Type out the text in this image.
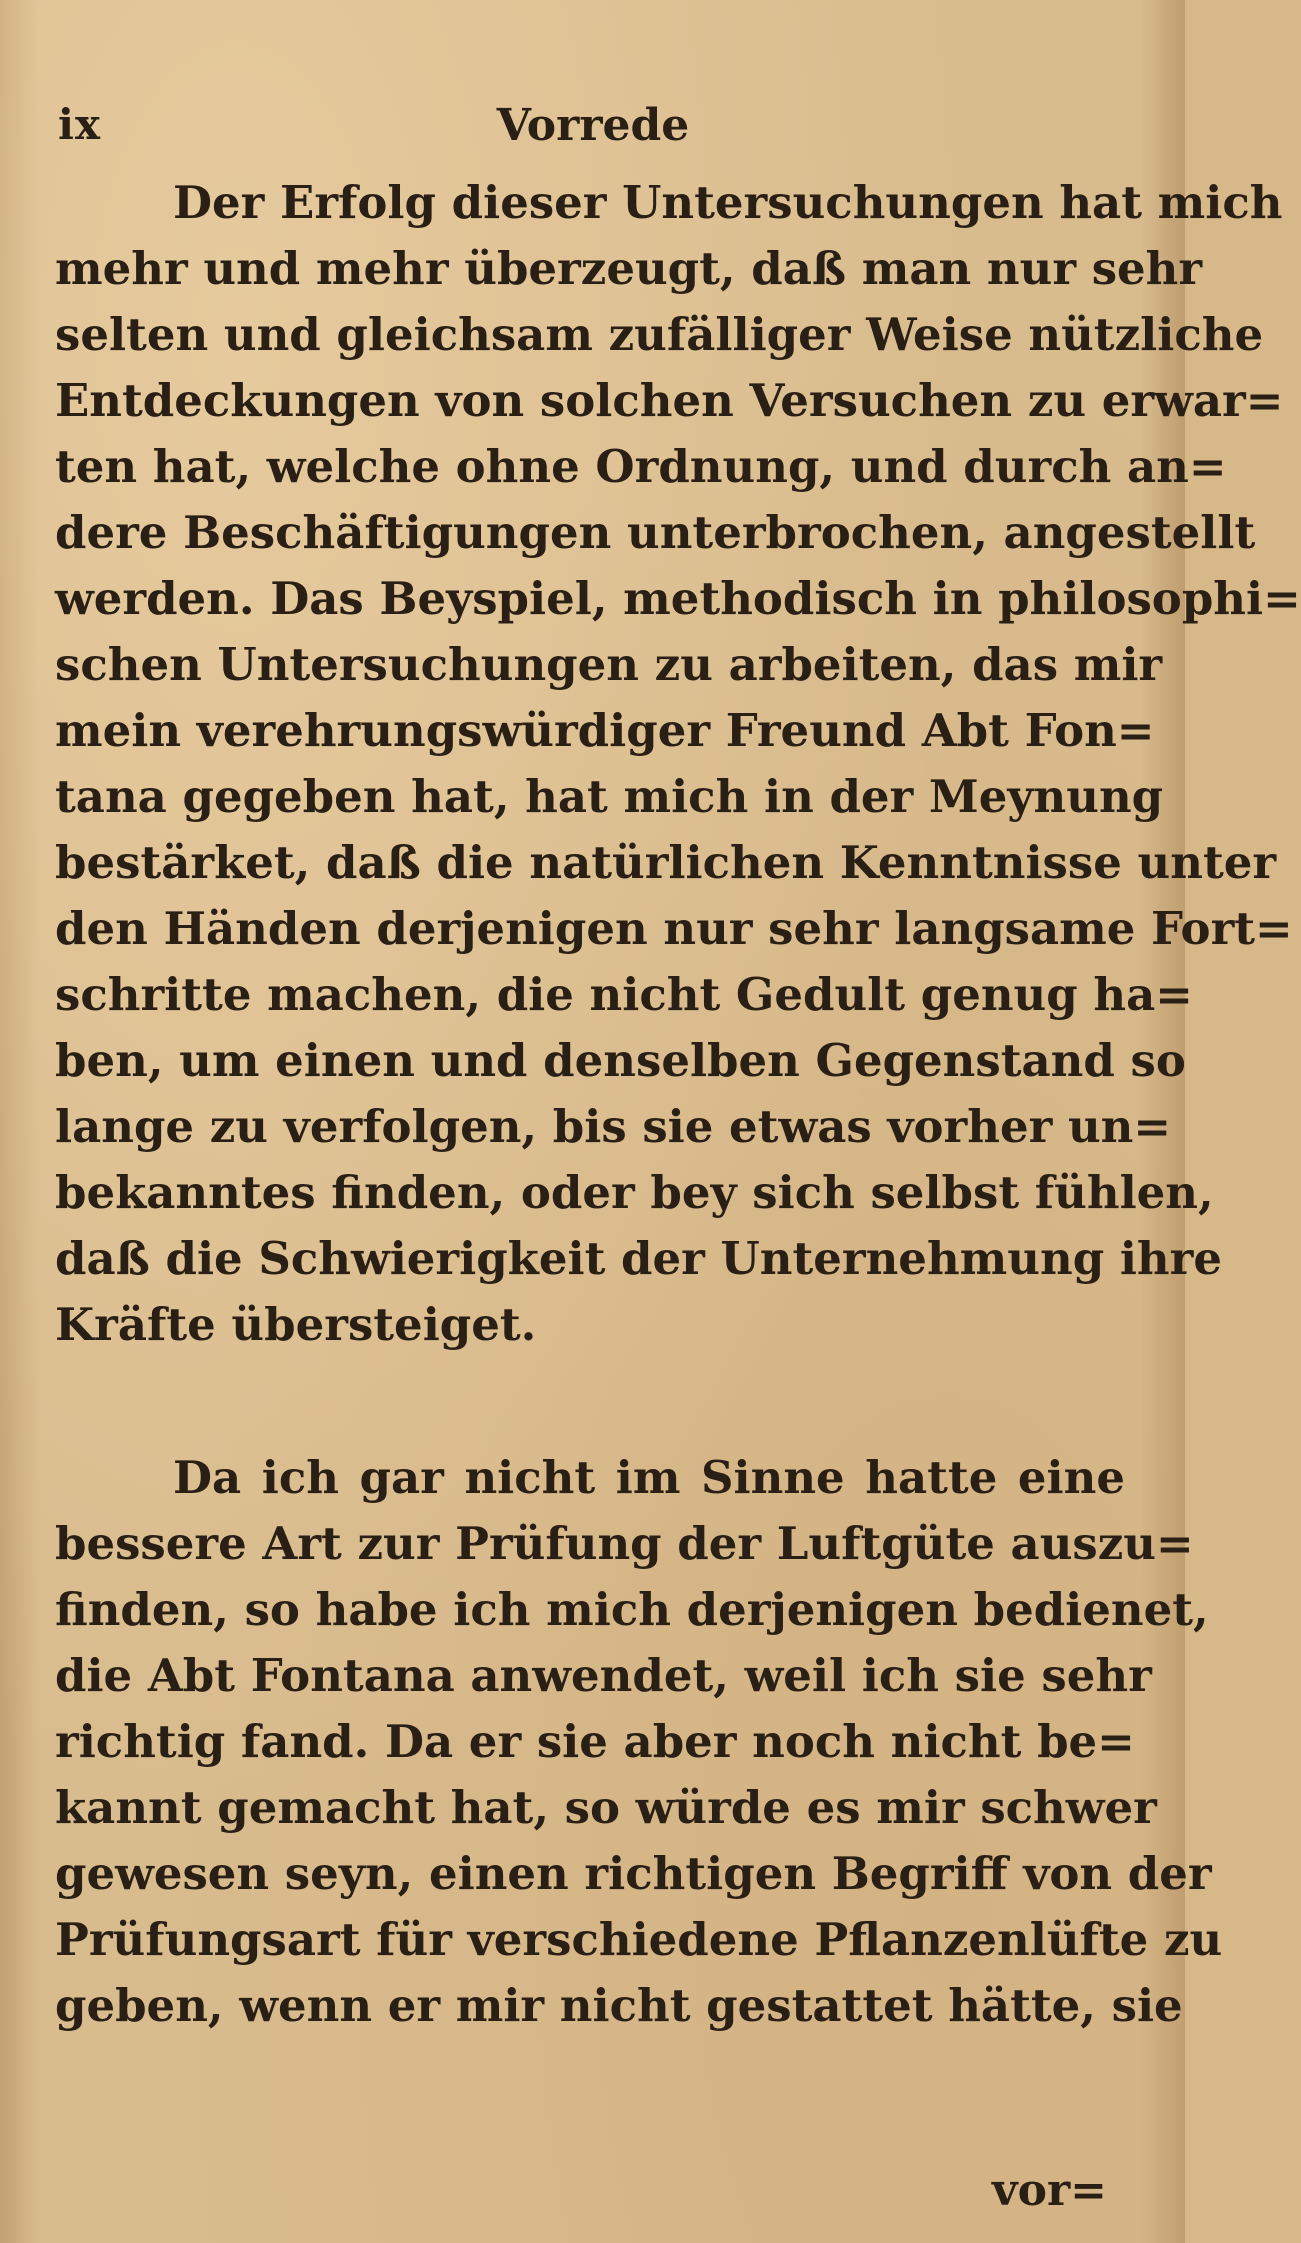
ix	Vorrede
Der Erfolg dieser Untersuchungen hat mich
mehr und mehr überzeugt, daß man nur sehr
selten und gleichsam zufälliger Weise nützliche
Entdeckungen von solchen Versuchen zu erwar=
ten hat, welche ohne Ordnung, und durch an=
dere Beschäftigungen unterbrochen, angestellt
werden. Das Beyspiel, methodisch in philosophi=
schen Untersuchungen zu arbeiten, das mir
mein verehrungswürdiger Freund Abt Fon=
tana gegeben hat, hat mich in der Meynung
bestärket, daß die natürlichen Kenntnisse unter
den Händen derjenigen nur sehr langsame Fort=
schritte machen, die nicht Gedult genug ha=
ben, um einen und denselben Gegenstand so
lange zu verfolgen, bis sie etwas vorher un=
bekanntes finden, oder bey sich selbst fühlen,
daß die Schwierigkeit der Unternehmung ihre
Kräfte übersteiget.
Da ich gar nicht im Sinne hatte eine
bessere Art zur Prüfung der Luftgüte auszu=
finden, so habe ich mich derjenigen bedienet,
die Abt Fontana anwendet, weil ich sie sehr
richtig fand. Da er sie aber noch nicht be=
kannt gemacht hat, so würde es mir schwer
gewesen seyn, einen richtigen Begriff von der
Prüfungsart für verschiedene Pflanzenlüfte zu
geben, wenn er mir nicht gestattet hätte, sie
vor=
